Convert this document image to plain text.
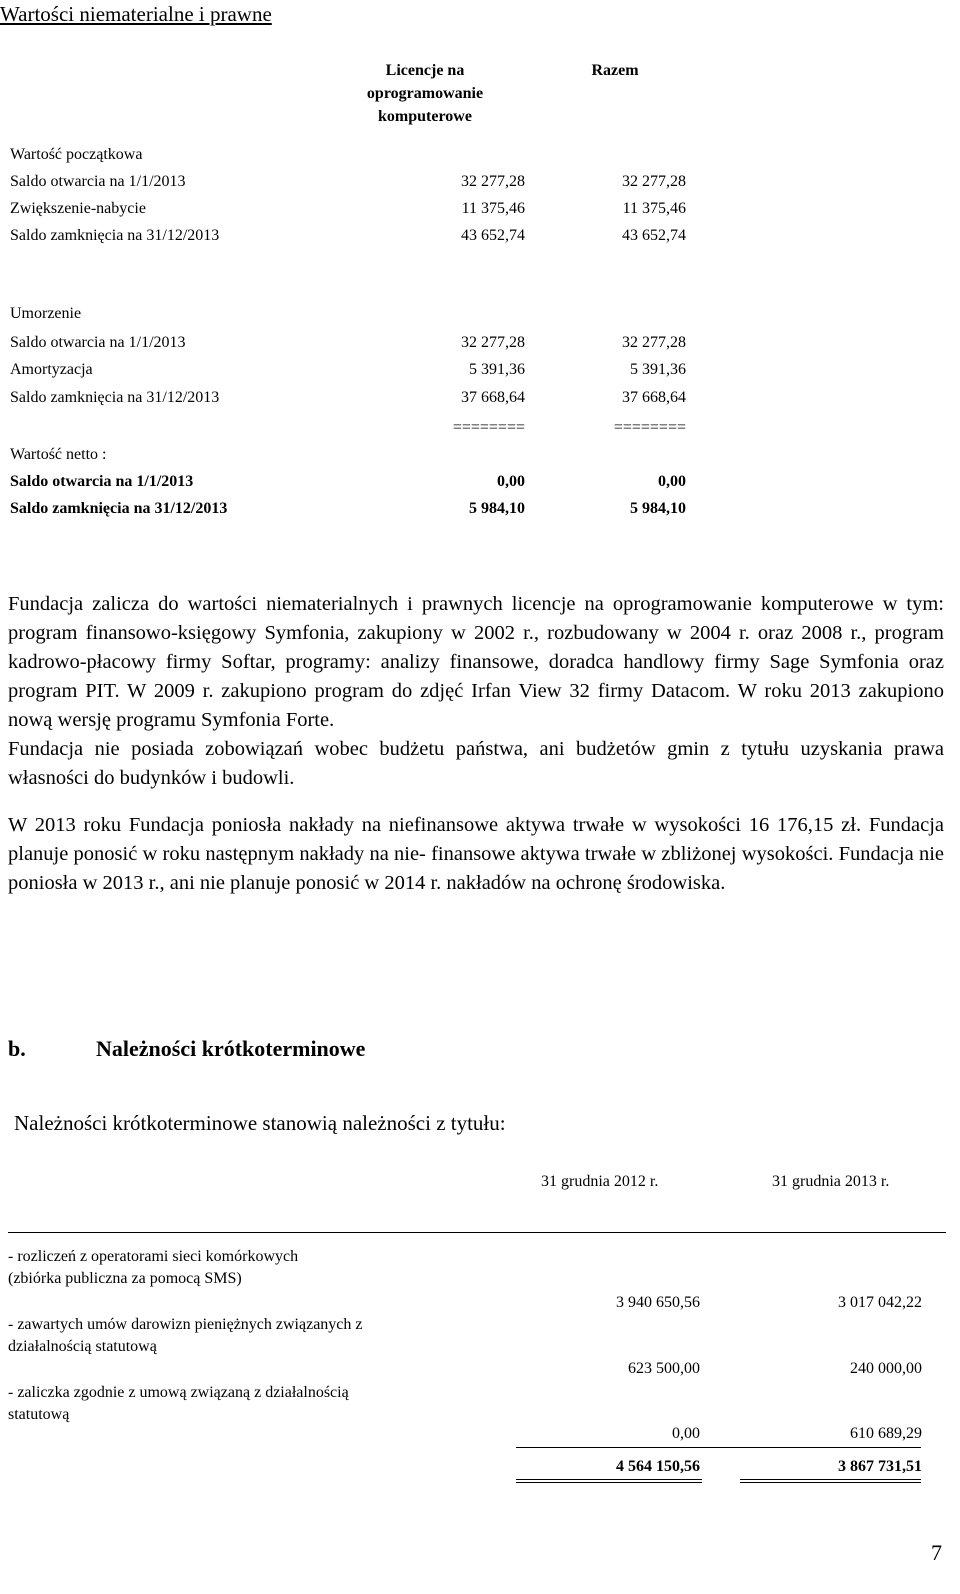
Wartości niematerialne i prawne
Licencje na
oprogramowanie
komputerowe
Razem
Wartość początkowa
Saldo otwarcia na 1/1/2013	32 277,28	32 277,28
Zwiększenie-nabycie	11 375,46	11 375,46
Saldo zamknięcia na 31/12/2013	43 652,74	43 652,74
Umorzenie
Saldo otwarcia na 1/1/2013	32 277,28	32 277,28
Amortyzacja	5 391,36	5 391,36
Saldo zamknięcia na 31/12/2013	37 668,64	37 668,64
========	========
Wartość netto :
Saldo otwarcia na 1/1/2013	0,00	0,00
Saldo zamknięcia na 31/12/2013	5 984,10	5 984,10

Fundacja zalicza do wartości niematerialnych i prawnych licencje na oprogramowanie komputerowe w tym: program finansowo-księgowy Symfonia, zakupiony w 2002 r., rozbudowany w 2004 r. oraz 2008 r., program kadrowo-płacowy firmy Softar, programy: analizy finansowe, doradca handlowy firmy Sage Symfonia oraz program PIT. W 2009 r. zakupiono program do zdjęć Irfan View 32 firmy Datacom. W roku 2013 zakupiono nową wersję programu Symfonia Forte.

Fundacja nie posiada zobowiązań wobec budżetu państwa, ani budżetów gmin z tytułu uzyskania prawa własności do budynków i budowli.

W 2013 roku Fundacja poniosła nakłady na niefinansowe aktywa trwałe w wysokości 16 176,15 zł. Fundacja planuje ponosić w roku następnym nakłady na nie- finansowe aktywa trwałe w zbliżonej wysokości. Fundacja nie poniosła w 2013 r., ani nie planuje ponosić w 2014 r. nakładów na ochronę środowiska.

b.	Należności krótkoterminowe
Należności krótkoterminowe stanowią należności z tytułu:
31 grudnia 2012 r.	31 grudnia 2013 r.
- rozliczeń z operatorami sieci komórkowych
(zbiórka publiczna za pomocą SMS)
3 940 650,56	3 017 042,22
- zawartych umów darowizn pieniężnych związanych z
działalnością statutową
623 500,00	240 000,00
- zaliczka zgodnie z umową związaną z działalnością
statutową
0,00	610 689,29
4 564 150,56	3 867 731,51
7
